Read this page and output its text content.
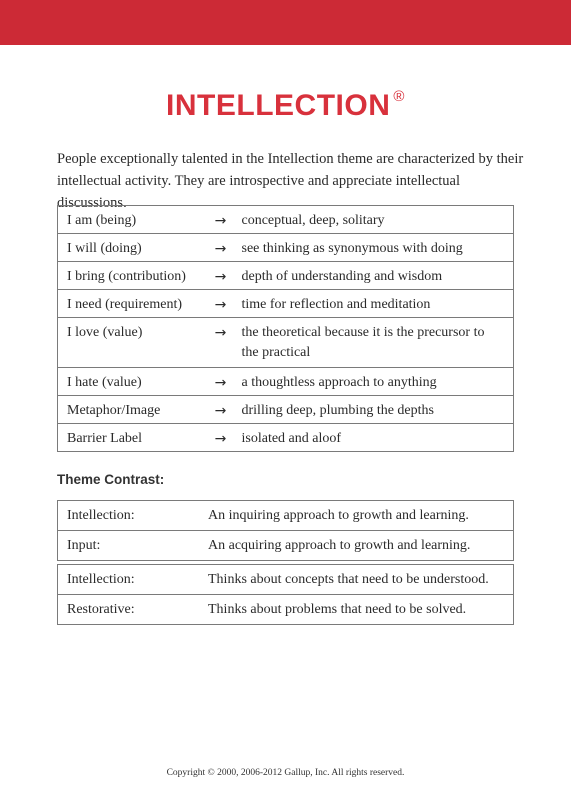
INTELLECTION ®
People exceptionally talented in the Intellection theme are characterized by their intellectual activity. They are introspective and appreciate intellectual discussions.
I am (being)	→	conceptual, deep, solitary
I will (doing)	→	see thinking as synonymous with doing
I bring (contribution)	→	depth of understanding and wisdom
I need (requirement)	→	time for reflection and meditation
I love (value)	→	the theoretical because it is the precursor to the practical
I hate (value)	→	a thoughtless approach to anything
Metaphor/Image	→	drilling deep, plumbing the depths
Barrier Label	→	isolated and aloof
Theme Contrast:
Intellection:	An inquiring approach to growth and learning.
Input:	An acquiring approach to growth and learning.
Intellection:	Thinks about concepts that need to be understood.
Restorative:	Thinks about problems that need to be solved.
Copyright © 2000, 2006-2012 Gallup, Inc. All rights reserved.
